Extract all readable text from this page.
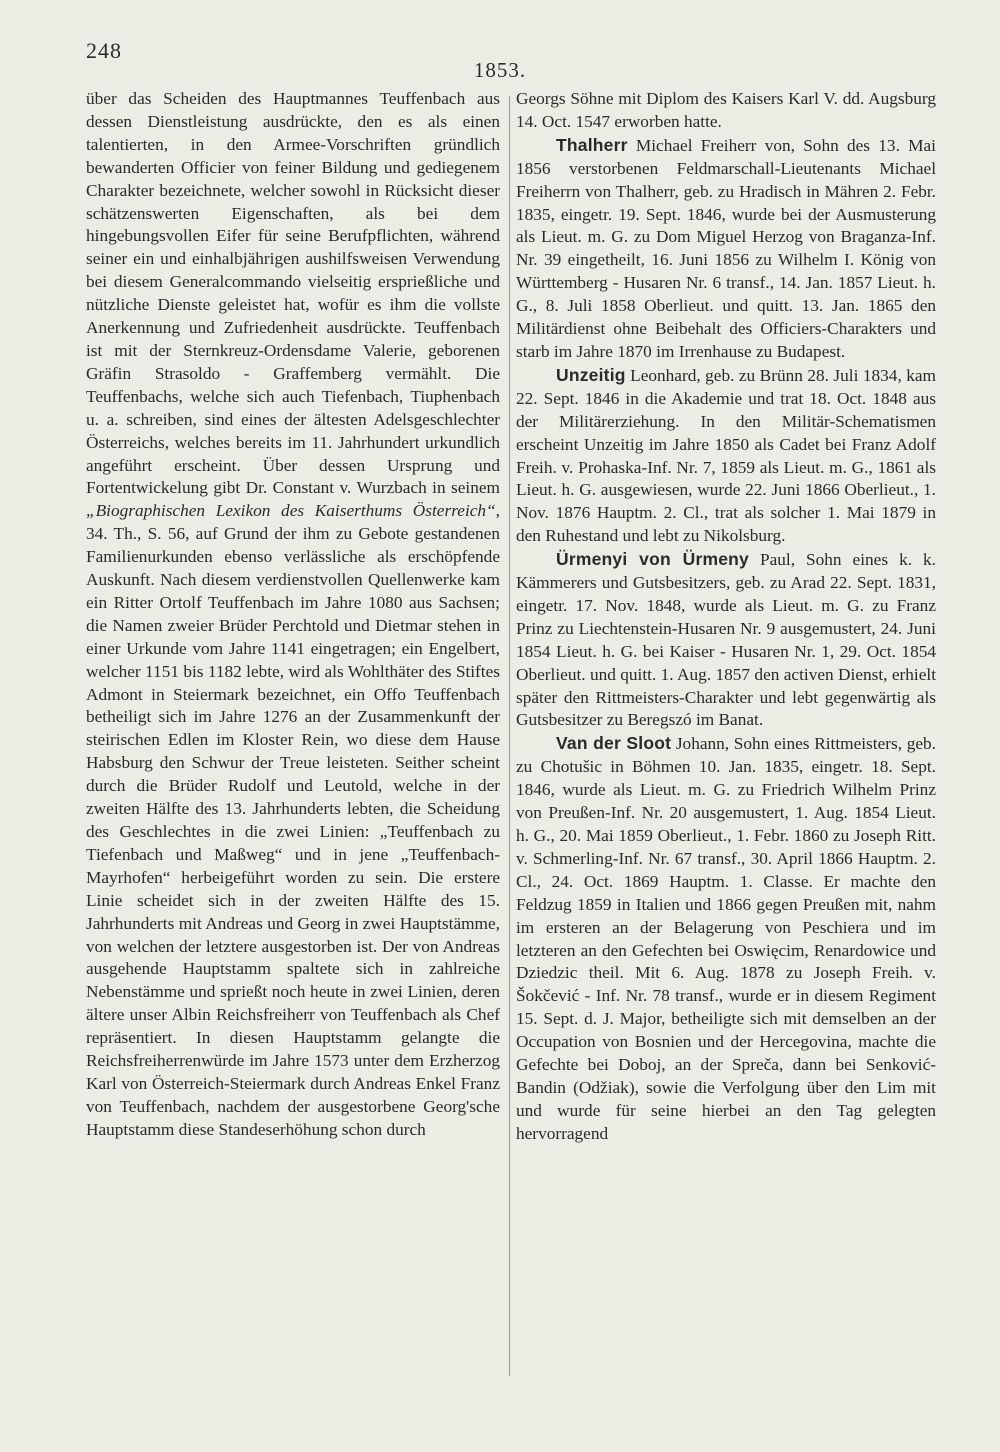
248
1853.

über das Scheiden des Hauptmannes Teuffenbach aus dessen Dienstleistung ausdrückte, den es als einen talentierten, in den Armee-Vorschriften gründlich bewanderten Officier von feiner Bildung und gediegenem Charakter bezeichnete, welcher sowohl in Rücksicht dieser schätzenswerten Eigenschaften, als bei dem hingebungsvollen Eifer für seine Berufpflichten, während seiner ein und einhalbjährigen aushilfsweisen Verwendung bei diesem Generalcommando vielseitig ersprießliche und nützliche Dienste geleistet hat, wofür es ihm die vollste Anerkennung und Zufriedenheit ausdrückte. Teuffenbach ist mit der Sternkreuz-Ordensdame Valerie, geborenen Gräfin Strasoldo - Graffemberg vermählt. Die Teuffenbachs, welche sich auch Tiefenbach, Tiuphenbach u. a. schreiben, sind eines der ältesten Adelsgeschlechter Österreichs, welches bereits im 11. Jahrhundert urkundlich angeführt erscheint. Über dessen Ursprung und Fortentwickelung gibt Dr. Constant v. Wurzbach in seinem „Biographischen Lexikon des Kaiserthums Österreich“, 34. Th., S. 56, auf Grund der ihm zu Gebote gestandenen Familienurkunden ebenso verlässliche als erschöpfende Auskunft. Nach diesem verdienstvollen Quellenwerke kam ein Ritter Ortolf Teuffenbach im Jahre 1080 aus Sachsen; die Namen zweier Brüder Perchtold und Dietmar stehen in einer Urkunde vom Jahre 1141 eingetragen; ein Engelbert, welcher 1151 bis 1182 lebte, wird als Wohlthäter des Stiftes Admont in Steiermark bezeichnet, ein Offo Teuffenbach betheiligt sich im Jahre 1276 an der Zusammenkunft der steirischen Edlen im Kloster Rein, wo diese dem Hause Habsburg den Schwur der Treue leisteten. Seither scheint durch die Brüder Rudolf und Leutold, welche in der zweiten Hälfte des 13. Jahrhunderts lebten, die Scheidung des Geschlechtes in die zwei Linien: „Teuffenbach zu Tiefenbach und Maßweg“ und in jene „Teuffenbach-Mayrhofen“ herbeigeführt worden zu sein. Die erstere Linie scheidet sich in der zweiten Hälfte des 15. Jahrhunderts mit Andreas und Georg in zwei Hauptstämme, von welchen der letztere ausgestorben ist. Der von Andreas ausgehende Hauptstamm spaltete sich in zahlreiche Nebenstämme und sprießt noch heute in zwei Linien, deren ältere unser Albin Reichsfreiherr von Teuffenbach als Chef repräsentiert. In diesen Hauptstamm gelangte die Reichsfreiherrenwürde im Jahre 1573 unter dem Erzherzog Karl von Österreich-Steiermark durch Andreas Enkel Franz von Teuffenbach, nachdem der ausgestorbene Georg'sche Hauptstamm diese Standeserhöhung schon durch

Georgs Söhne mit Diplom des Kaisers Karl V. dd. Augsburg 14. Oct. 1547 erworben hatte.

Thalherr Michael Freiherr von, Sohn des 13. Mai 1856 verstorbenen Feldmarschall-Lieutenants Michael Freiherrn von Thalherr, geb. zu Hradisch in Mähren 2. Febr. 1835, eingetr. 19. Sept. 1846, wurde bei der Ausmusterung als Lieut. m. G. zu Dom Miguel Herzog von Braganza-Inf. Nr. 39 eingetheilt, 16. Juni 1856 zu Wilhelm I. König von Württemberg - Husaren Nr. 6 transf., 14. Jan. 1857 Lieut. h. G., 8. Juli 1858 Oberlieut. und quitt. 13. Jan. 1865 den Militärdienst ohne Beibehalt des Officiers-Charakters und starb im Jahre 1870 im Irrenhause zu Budapest.

Unzeitig Leonhard, geb. zu Brünn 28. Juli 1834, kam 22. Sept. 1846 in die Akademie und trat 18. Oct. 1848 aus der Militärerziehung. In den Militär-Schematismen erscheint Unzeitig im Jahre 1850 als Cadet bei Franz Adolf Freih. v. Prohaska-Inf. Nr. 7, 1859 als Lieut. m. G., 1861 als Lieut. h. G. ausgewiesen, wurde 22. Juni 1866 Oberlieut., 1. Nov. 1876 Hauptm. 2. Cl., trat als solcher 1. Mai 1879 in den Ruhestand und lebt zu Nikolsburg.

Ürmenyi von Ürmeny Paul, Sohn eines k. k. Kämmerers und Gutsbesitzers, geb. zu Arad 22. Sept. 1831, eingetr. 17. Nov. 1848, wurde als Lieut. m. G. zu Franz Prinz zu Liechtenstein-Husaren Nr. 9 ausgemustert, 24. Juni 1854 Lieut. h. G. bei Kaiser - Husaren Nr. 1, 29. Oct. 1854 Oberlieut. und quitt. 1. Aug. 1857 den activen Dienst, erhielt später den Rittmeisters-Charakter und lebt gegenwärtig als Gutsbesitzer zu Beregszó im Banat.

Van der Sloot Johann, Sohn eines Rittmeisters, geb. zu Chotušic in Böhmen 10. Jan. 1835, eingetr. 18. Sept. 1846, wurde als Lieut. m. G. zu Friedrich Wilhelm Prinz von Preußen-Inf. Nr. 20 ausgemustert, 1. Aug. 1854 Lieut. h. G., 20. Mai 1859 Oberlieut., 1. Febr. 1860 zu Joseph Ritt. v. Schmerling-Inf. Nr. 67 transf., 30. April 1866 Hauptm. 2. Cl., 24. Oct. 1869 Hauptm. 1. Classe. Er machte den Feldzug 1859 in Italien und 1866 gegen Preußen mit, nahm im ersteren an der Belagerung von Peschiera und im letzteren an den Gefechten bei Oswięcim, Renardowice und Dziedzic theil. Mit 6. Aug. 1878 zu Joseph Freih. v. Šokčević - Inf. Nr. 78 transf., wurde er in diesem Regiment 15. Sept. d. J. Major, betheiligte sich mit demselben an der Occupation von Bosnien und der Hercegovina, machte die Gefechte bei Doboj, an der Spreča, dann bei Senković-Bandin (Odžiak), sowie die Verfolgung über den Lim mit und wurde für seine hierbei an den Tag gelegten hervorragend
